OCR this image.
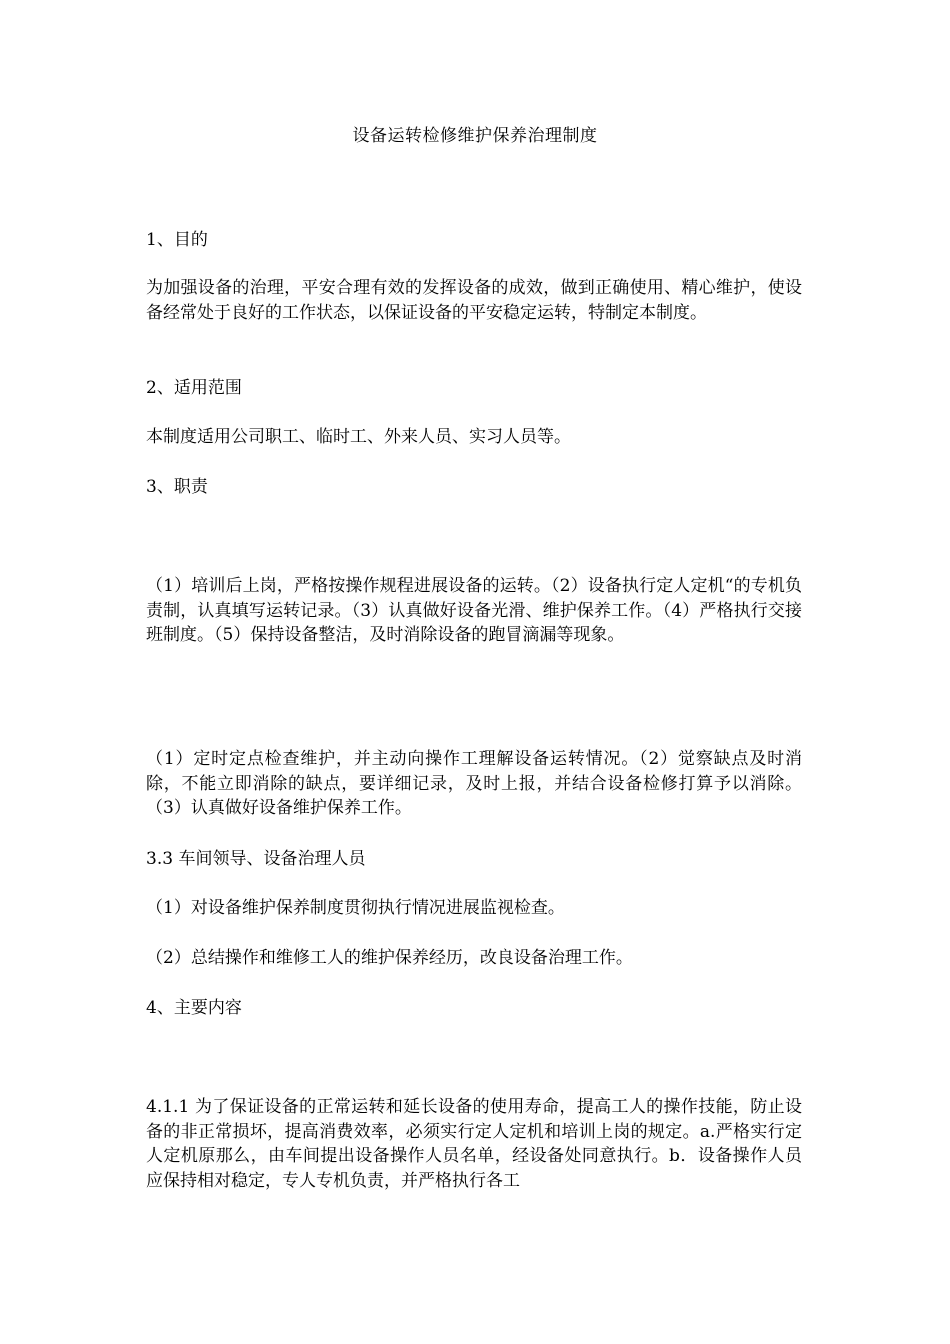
设备运转检修维护保养治理制度

1、目的

为加强设备的治理，平安合理有效的发挥设备的成效，做到正确使用、精心维护，使设备经常处于良好的工作状态，以保证设备的平安稳定运转，特制定本制度。

2、适用范围

本制度适用公司职工、临时工、外来人员、实习人员等。

3、职责

（1）培训后上岗，严格按操作规程进展设备的运转。（2）设备执行定人定机“的专机负责制，认真填写运转记录。（3）认真做好设备光滑、维护保养工作。（4）严格执行交接班制度。（5）保持设备整洁，及时消除设备的跑冒滴漏等现象。

（1）定时定点检查维护，并主动向操作工理解设备运转情况。（2）觉察缺点及时消除，不能立即消除的缺点，要详细记录，及时上报，并结合设备检修打算予以消除。（3）认真做好设备维护保养工作。

3.3 车间领导、设备治理人员

（1）对设备维护保养制度贯彻执行情况进展监视检查。

（2）总结操作和维修工人的维护保养经历，改良设备治理工作。

4、主要内容

4.1.1 为了保证设备的正常运转和延长设备的使用寿命，提高工人的操作技能，防止设备的非正常损坏，提高消费效率，必须实行定人定机和培训上岗的规定。a.严格实行定人定机原那么，由车间提出设备操作人员名单，经设备处同意执行。b．设备操作人员应保持相对稳定，专人专机负责，并严格执行各工
